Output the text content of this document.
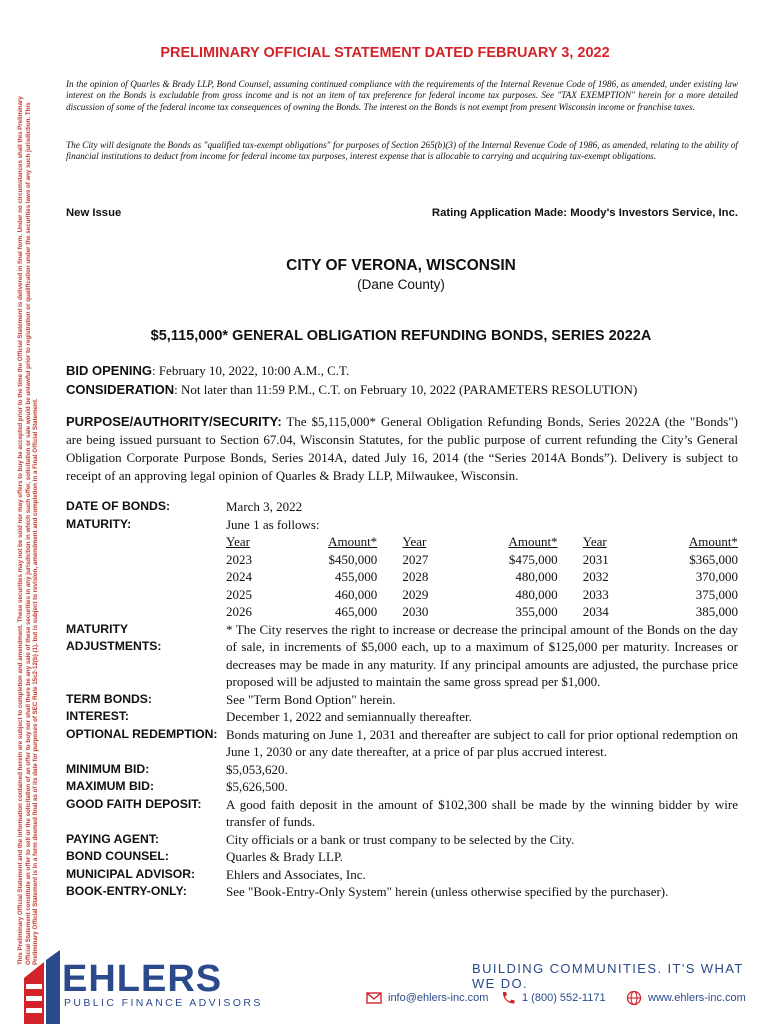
This Preliminary Official Statement and the information contained herein are subject to completion and amendment. These securities may not be sold nor may offers to buy be accepted prior to the time the Official Statement is delivered in final form. Under no circumstances shall this Preliminary Official Statement constitute an offer to sell or the solicitation of an offer to buy nor shall there be any sale of these securities in any jurisdiction in which such offer, solicitation or sale would be unlawful prior to registration or qualification under the securities laws of any such jurisdiction. This Preliminary Official Statement is in a form deemed final as of its date for purposes of SEC Rule 15c2-12(b) (1), but is subject to revision, amendment and completion in a Final Official Statement.
PRELIMINARY OFFICIAL STATEMENT DATED FEBRUARY 3, 2022
In the opinion of Quarles & Brady LLP, Bond Counsel, assuming continued compliance with the requirements of the Internal Revenue Code of 1986, as amended, under existing law interest on the Bonds is excludable from gross income and is not an item of tax preference for federal income tax purposes. See "TAX EXEMPTION" herein for a more detailed discussion of some of the federal income tax consequences of owning the Bonds. The interest on the Bonds is not exempt from present Wisconsin income or franchise taxes.
The City will designate the Bonds as "qualified tax-exempt obligations" for purposes of Section 265(b)(3) of the Internal Revenue Code of 1986, as amended, relating to the ability of financial institutions to deduct from income for federal income tax purposes, interest expense that is allocable to carrying and acquiring tax-exempt obligations.
New Issue	Rating Application Made: Moody's Investors Service, Inc.
CITY OF VERONA, WISCONSIN
(Dane County)
$5,115,000* GENERAL OBLIGATION REFUNDING BONDS, SERIES 2022A
BID OPENING: February 10, 2022, 10:00 A.M., C.T.
CONSIDERATION: Not later than 11:59 P.M., C.T. on February 10, 2022 (PARAMETERS RESOLUTION)
PURPOSE/AUTHORITY/SECURITY: The $5,115,000* General Obligation Refunding Bonds, Series 2022A (the "Bonds") are being issued pursuant to Section 67.04, Wisconsin Statutes, for the public purpose of current refunding the City’s General Obligation Corporate Purpose Bonds, Series 2014A, dated July 16, 2014 (the “Series 2014A Bonds”). Delivery is subject to receipt of an approving legal opinion of Quarles & Brady LLP, Milwaukee, Wisconsin.
DATE OF BONDS:	March 3, 2022
MATURITY:	June 1 as follows:
Year	Amount* Year	Amount* Year	Amount*
2023	$450,000 2027	$475,000 2031	$365,000
2024	455,000 2028	480,000 2032	370,000
2025	460,000 2029	480,000 2033	375,000
2026	465,000 2030	355,000 2034	385,000
MATURITY ADJUSTMENTS:
* The City reserves the right to increase or decrease the principal amount of the Bonds on the day of sale, in increments of $5,000 each, up to a maximum of $125,000 per maturity. Increases or decreases may be made in any maturity. If any principal amounts are adjusted, the purchase price proposed will be adjusted to maintain the same gross spread per $1,000.
TERM BONDS:	See "Term Bond Option" herein.
INTEREST:	December 1, 2022 and semiannually thereafter.
OPTIONAL REDEMPTION: Bonds maturing on June 1, 2031 and thereafter are subject to call for prior optional redemption on June 1, 2030 or any date thereafter, at a price of par plus accrued interest.
MINIMUM BID:	$5,053,620.
MAXIMUM BID:	$5,626,500.
GOOD FAITH DEPOSIT:	A good faith deposit in the amount of $102,300 shall be made by the winning bidder by wire transfer of funds.
PAYING AGENT:	City officials or a bank or trust company to be selected by the City.
BOND COUNSEL:	Quarles & Brady LLP.
MUNICIPAL ADVISOR:	Ehlers and Associates, Inc.
BOOK-ENTRY-ONLY:	See "Book-Entry-Only System" herein (unless otherwise specified by the purchaser).
EHLERS
PUBLIC FINANCE ADVISORS
BUILDING COMMUNITIES. IT'S WHAT WE DO.
info@ehlers-inc.com	1 (800) 552-1171	www.ehlers-inc.com
